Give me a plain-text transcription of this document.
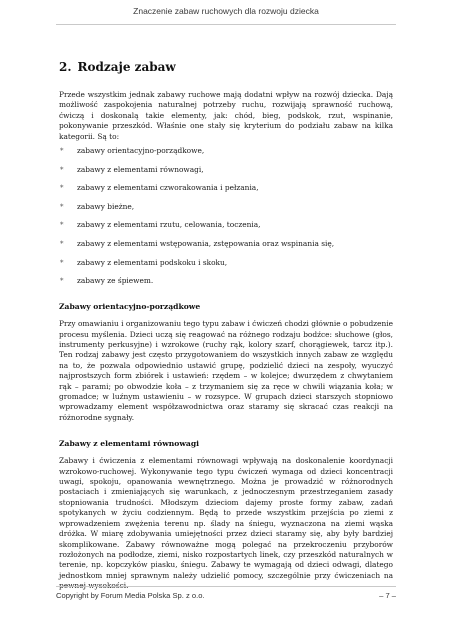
Znaczenie zabaw ruchowych dla rozwoju dziecka
2. Rodzaje zabaw

Przede wszystkim jednak zabawy ruchowe mają dodatni wpływ na rozwój dziecka. Dają możliwość zaspokojenia naturalnej potrzeby ruchu, rozwijają sprawność ruchową, ćwiczą i doskonalą takie elementy, jak: chód, bieg, podskok, rzut, wspinanie, pokonywanie przeszkód. Właśnie one stały się kryterium do podziału zabaw na kilka kategorii. Są to:

* zabawy orientacyjno-porządkowe,
* zabawy z elementami równowagi,
* zabawy z elementami czworakowania i pełzania,
* zabawy bieżne,
* zabawy z elementami rzutu, celowania, toczenia,
* zabawy z elementami wstępowania, zstępowania oraz wspinania się,
* zabawy z elementami podskoku i skoku,
* zabawy ze śpiewem.
Zabawy orientacyjno-porządkowe

Przy omawianiu i organizowaniu tego typu zabaw i ćwiczeń chodzi głównie o pobudzenie procesu myślenia. Dzieci uczą się reagować na różnego rodzaju bodźce: słuchowe (głos, instrumenty perkusyjne) i wzrokowe (ruchy rąk, kolory szarf, chorągiewek, tarcz itp.). Ten rodzaj zabawy jest często przygotowaniem do wszystkich innych zabaw ze względu na to, że pozwala odpowiednio ustawić grupę, podzielić dzieci na zespoły, wyuczyć najprostszych form zbiórek i ustawień: rzędem – w kolejce; dwurzędem z chwytaniem rąk – parami; po obwodzie koła – z trzymaniem się za ręce w chwili wiązania koła; w gromadce; w luźnym ustawieniu – w rozsypce. W grupach dzieci starszych stopniowo wprowadzamy element współzawodnictwa oraz staramy się skracać czas reakcji na różnorodne sygnały.

Zabawy z elementami równowagi

Zabawy i ćwiczenia z elementami równowagi wpływają na doskonalenie koordynacji wzrokowo-ruchowej. Wykonywanie tego typu ćwiczeń wymaga od dzieci koncentracji uwagi, spokoju, opanowania wewnętrznego. Można je prowadzić w różnorodnych postaciach i zmieniających się warunkach, z jednoczesnym przestrzeganiem zasady stopniowania trudności. Młodszym dzieciom dajemy proste formy zabaw, zadań spotykanych w życiu codziennym. Będą to przede wszystkim przejścia po ziemi z wprowadzeniem zwężenia terenu np. ślady na śniegu, wyznaczona na ziemi wąska dróżka. W miarę zdobywania umiejętności przez dzieci staramy się, aby były bardziej skomplikowane. Zabawy równoważne mogą polegać na przekroczeniu przyborów rozłożonych na podłodze, ziemi, nisko rozpostartych linek, czy przeszkód naturalnych w terenie, np. kopczyków piasku, śniegu. Zabawy te wymagają od dzieci odwagi, dlatego jednostkom mniej sprawnym należy udzielić pomocy, szczególnie przy ćwiczeniach na pewnej wysokości.

Copyright by Forum Media Polska Sp. z o.o.	– 7 –
